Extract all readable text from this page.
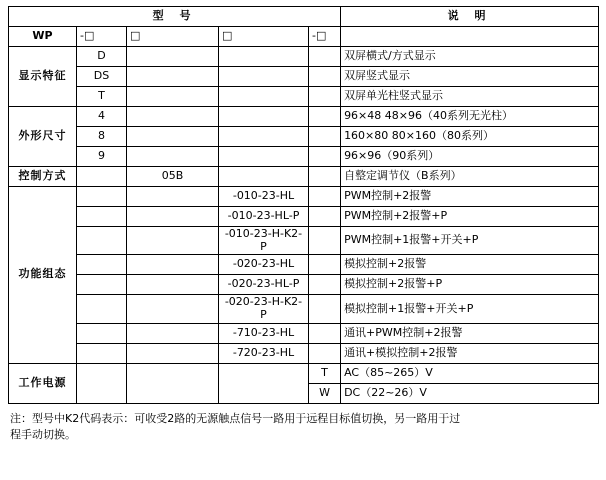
型 号					说 明
WP	-□	□	□	-□	
显示特征	D				双屏横式/方式显示
	DS				双屏竖式显示
	T				双屏单光柱竖式显示
外形尺寸	4				96×48 48×96（40系列无光柱）
	8				160×80 80×160（80系列）
	9				96×96（90系列）
控制方式		05B			自整定调节仪（B系列）
功能组态			-010-23-HL		PWM控制+2报警
			-010-23-HL-P		PWM控制+2报警+P
			-010-23-H-K2-P		PWM控制+1报警+开关+P
			-020-23-HL		模拟控制+2报警
			-020-23-HL-P		模拟控制+2报警+P
			-020-23-H-K2-P		模拟控制+1报警+开关+P
			-710-23-HL		通讯+PWM控制+2报警
			-720-23-HL		通讯+模拟控制+2报警
工作电源				T	AC（85~265）V
				W	DC（22~26）V
注：型号中K2代码表示：可收受2路的无源触点信号一路用于远程目标值切换，另一路用于过
程手动切换。
